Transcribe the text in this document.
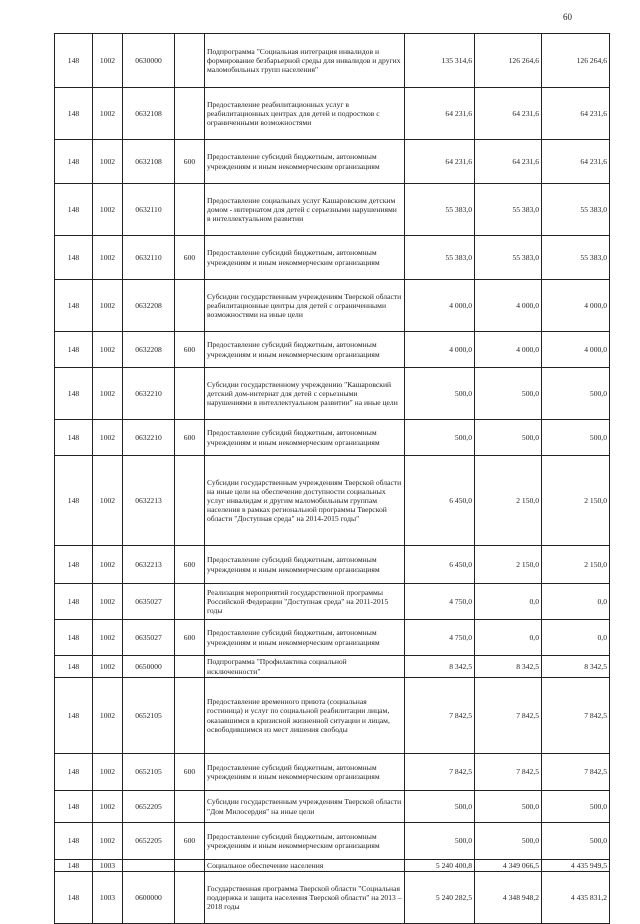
60
148	1002	0630000		Подпрограмма "Социальная интеграция инвалидов и формирование безбарьерной среды для инвалидов и других маломобильных групп населения"	135 314,6	126 264,6	126 264,6
148	1002	0632108		Предоставление реабилитационных услуг в реабилитационных центрах для детей и подростков с ограниченными возможностями	64 231,6	64 231,6	64 231,6
148	1002	0632108	600	Предоставление субсидий бюджетным, автономным учреждениям и иным некоммерческим организациям	64 231,6	64 231,6	64 231,6
148	1002	0632110		Предоставление социальных услуг Кашаровским детским домом - интернатом для детей с серьезными нарушениями в интеллектуальном развитии	55 383,0	55 383,0	55 383,0
148	1002	0632110	600	Предоставление субсидий бюджетным, автономным учреждениям и иным некоммерческим организациям	55 383,0	55 383,0	55 383,0
148	1002	0632208		Субсидии государственным учреждениям Тверской области реабилитационные центры для детей с ограниченными возможностями на иные цели	4 000,0	4 000,0	4 000,0
148	1002	0632208	600	Предоставление субсидий бюджетным, автономным учреждениям и иным некоммерческим организациям	4 000,0	4 000,0	4 000,0
148	1002	0632210		Субсидии государственному учреждению "Кашаровский детский дом-интернат для детей с серьезными нарушениями в интеллектуальном развитии" на иные цели	500,0	500,0	500,0
148	1002	0632210	600	Предоставление субсидий бюджетным, автономным учреждениям и иным некоммерческим организациям	500,0	500,0	500,0
148	1002	0632213		Субсидии государственным учреждениям Тверской области на иные цели на обеспечение доступности социальных услуг инвалидам и другим маломобильным группам населения в рамках региональной программы Тверской области "Доступная среда" на 2014-2015 годы"	6 450,0	2 150,0	2 150,0
148	1002	0632213	600	Предоставление субсидий бюджетным, автономным учреждениям и иным некоммерческим организациям	6 450,0	2 150,0	2 150,0
148	1002	0635027		Реализация мероприятий государственной программы Российской Федерации "Доступная среда" на 2011-2015 годы	4 750,0	0,0	0,0
148	1002	0635027	600	Предоставление субсидий бюджетным, автономным учреждениям и иным некоммерческим организациям	4 750,0	0,0	0,0
148	1002	0650000		Подпрограмма "Профилактика социальной исключенности"	8 342,5	8 342,5	8 342,5
148	1002	0652105		Предоставление временного приюта (социальная гостиница) и услуг по социальной реабилитации лицам, оказавшимся в кризисной жизненной ситуации и лицам, освободившимся из мест лишения свободы	7 842,5	7 842,5	7 842,5
148	1002	0652105	600	Предоставление субсидий бюджетным, автономным учреждениям и иным некоммерческим организациям	7 842,5	7 842,5	7 842,5
148	1002	0652205		Субсидии государственным учреждениям Тверской области "Дом Милосердия" на иные цели	500,0	500,0	500,0
148	1002	0652205	600	Предоставление субсидий бюджетным, автономным учреждениям и иным некоммерческим организациям	500,0	500,0	500,0
148	1003			Социальное обеспечение населения	5 240 400,8	4 349 066,5	4 435 949,5
148	1003	0600000		Государственная программа Тверской области "Социальная поддержка и защита населения Тверской области" на 2013 – 2018 годы	5 240 282,5	4 348 948,2	4 435 831,2
